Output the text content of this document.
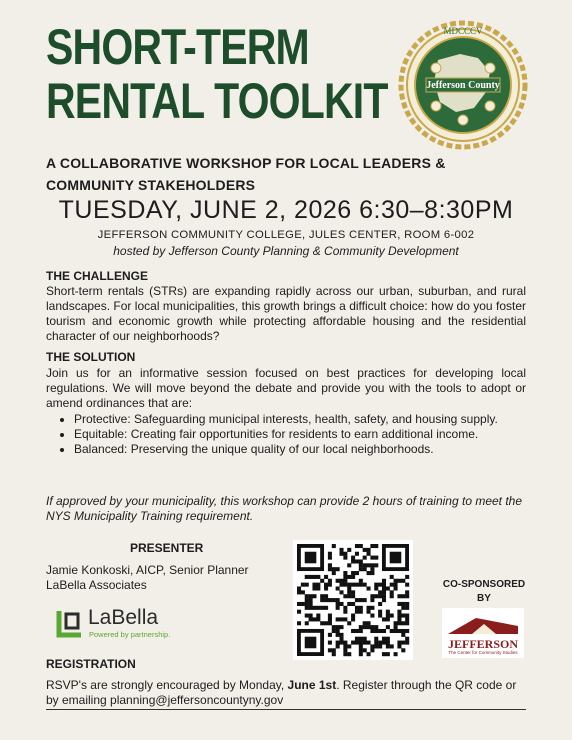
SHORT-TERM
RENTAL TOOLKIT
MDCCCV
Jefferson County
A COLLABORATIVE WORKSHOP FOR LOCAL LEADERS &
COMMUNITY STAKEHOLDERS
TUESDAY, JUNE 2, 2026 6:30–8:30PM
JEFFERSON COMMUNITY COLLEGE, JULES CENTER, ROOM 6-002
hosted by Jefferson County Planning & Community Development
THE CHALLENGE
Short-term rentals (STRs) are expanding rapidly across our urban, suburban, and rural landscapes. For local municipalities, this growth brings a difficult choice: how do you foster tourism and economic growth while protecting affordable housing and the residential character of our neighborhoods?
THE SOLUTION
Join us for an informative session focused on best practices for developing local regulations. We will move beyond the debate and provide you with the tools to adopt or amend ordinances that are:
• Protective: Safeguarding municipal interests, health, safety, and housing supply.
• Equitable: Creating fair opportunities for residents to earn additional income.
• Balanced: Preserving the unique quality of our local neighborhoods.
If approved by your municipality, this workshop can provide 2 hours of training to meet the NYS Municipality Training requirement.
PRESENTER
Jamie Konkoski, AICP, Senior Planner
LaBella Associates
LaBella
Powered by partnership.
CO-SPONSORED
BY
JEFFERSON
The Center for Community Studies
REGISTRATION
RSVP's are strongly encouraged by Monday, June 1st. Register through the QR code or by emailing planning@jeffersoncountyny.gov
